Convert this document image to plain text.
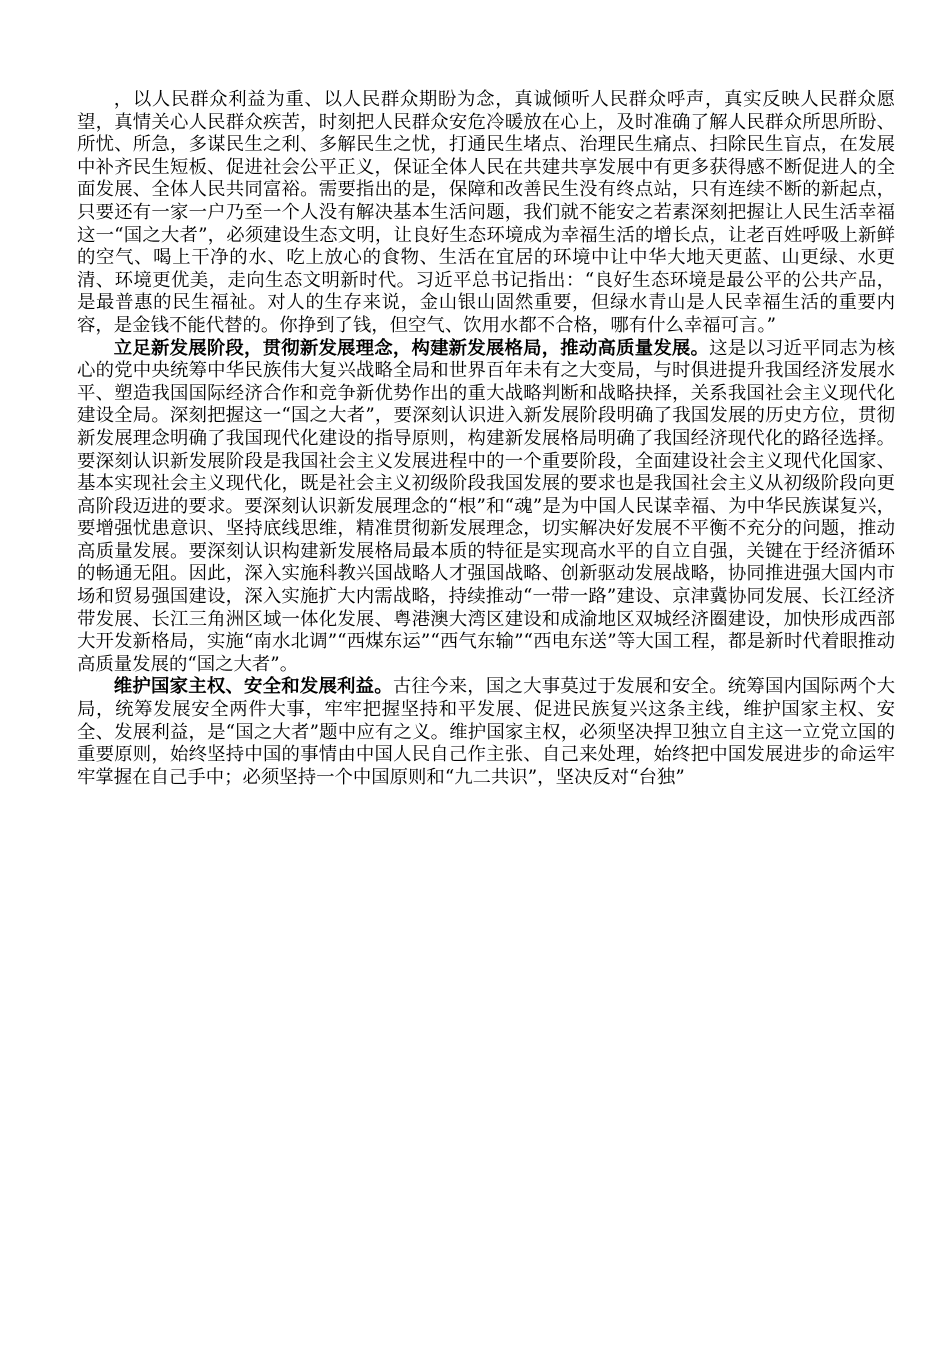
，以人民群众利益为重、以人民群众期盼为念，真诚倾听人民群众呼声，真实反映人民群众愿望，真情关心人民群众疾苦，时刻把人民群众安危冷暖放在心上，及时准确了解人民群众所思所盼、所忧、所急，多谋民生之利、多解民生之忧，打通民生堵点、治理民生痛点、扫除民生盲点，在发展中补齐民生短板、促进社会公平正义，保证全体人民在共建共享发展中有更多获得感不断促进人的全面发展、全体人民共同富裕。需要指出的是，保障和改善民生没有终点站，只有连续不断的新起点，只要还有一家一户乃至一个人没有解决基本生活问题，我们就不能安之若素深刻把握让人民生活幸福这一“国之大者”，必须建设生态文明，让良好生态环境成为幸福生活的增长点，让老百姓呼吸上新鲜的空气、喝上干净的水、吃上放心的食物、生活在宜居的环境中让中华大地天更蓝、山更绿、水更清、环境更优美，走向生态文明新时代。习近平总书记指出：“良好生态环境是最公平的公共产品，是最普惠的民生福祉。对人的生存来说，金山银山固然重要，但绿水青山是人民幸福生活的重要内容，是金钱不能代替的。你挣到了钱，但空气、饮用水都不合格，哪有什么幸福可言。”

立足新发展阶段，贯彻新发展理念，构建新发展格局，推动高质量发展。这是以习近平同志为核心的党中央统筹中华民族伟大复兴战略全局和世界百年未有之大变局，与时俱进提升我国经济发展水平、塑造我国国际经济合作和竞争新优势作出的重大战略判断和战略抉择，关系我国社会主义现代化建设全局。深刻把握这一“国之大者”，要深刻认识进入新发展阶段明确了我国发展的历史方位，贯彻新发展理念明确了我国现代化建设的指导原则，构建新发展格局明确了我国经济现代化的路径选择。要深刻认识新发展阶段是我国社会主义发展进程中的一个重要阶段，全面建设社会主义现代化国家、基本实现社会主义现代化，既是社会主义初级阶段我国发展的要求也是我国社会主义从初级阶段向更高阶段迈进的要求。要深刻认识新发展理念的“根”和“魂”是为中国人民谋幸福、为中华民族谋复兴，要增强忧患意识、坚持底线思维，精准贯彻新发展理念，切实解决好发展不平衡不充分的问题，推动高质量发展。要深刻认识构建新发展格局最本质的特征是实现高水平的自立自强，关键在于经济循环的畅通无阻。因此，深入实施科教兴国战略人才强国战略、创新驱动发展战略，协同推进强大国内市场和贸易强国建设，深入实施扩大内需战略，持续推动“一带一路”建设、京津冀协同发展、长江经济带发展、长江三角洲区域一体化发展、粤港澳大湾区建设和成渝地区双城经济圈建设，加快形成西部大开发新格局，实施“南水北调”“西煤东运”“西气东输”“西电东送”等大国工程，都是新时代着眼推动高质量发展的“国之大者”。

维护国家主权、安全和发展利益。古往今来，国之大事莫过于发展和安全。统筹国内国际两个大局，统筹发展安全两件大事，牢牢把握坚持和平发展、促进民族复兴这条主线，维护国家主权、安全、发展利益，是“国之大者”题中应有之义。维护国家主权，必须坚决捍卫独立自主这一立党立国的重要原则，始终坚持中国的事情由中国人民自己作主张、自己来处理，始终把中国发展进步的命运牢牢掌握在自己手中；必须坚持一个中国原则和“九二共识”，坚决反对“台独”
